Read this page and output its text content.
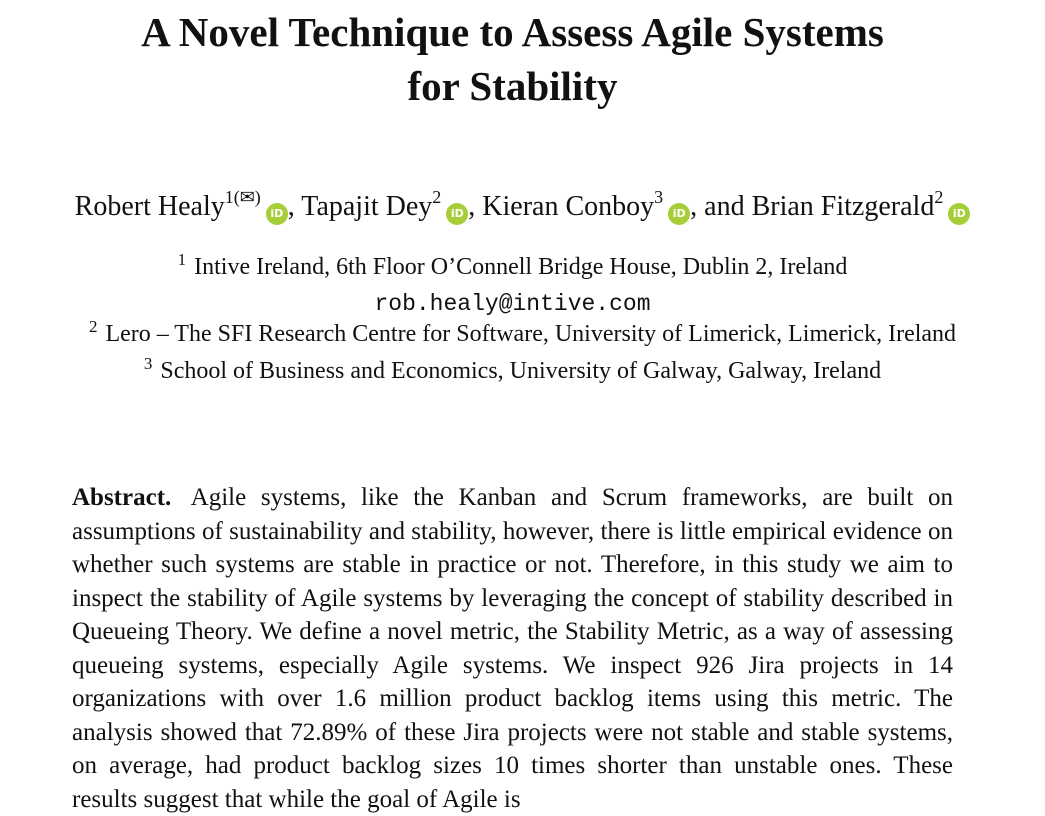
A Novel Technique to Assess Agile Systems
for Stability
Robert Healy$^{1(✉)}$iD , Tapajit Dey$^2$iD , Kieran Conboy$^3$iD , and Brian Fitzgerald$^2$iD
$^1$ Intive Ireland, 6th Floor O’Connell Bridge House, Dublin 2, Ireland
rob.healy@intive.com
$^2$ Lero – The SFI Research Centre for Software, University of Limerick, Limerick, Ireland
$^3$ School of Business and Economics, University of Galway, Galway, Ireland
Abstract. Agile systems, like the Kanban and Scrum frameworks, are built on assumptions of sustainability and stability, however, there is little empirical evidence on whether such systems are stable in practice or not. Therefore, in this study we aim to inspect the stability of Agile systems by leveraging the concept of stability described in Queueing Theory. We define a novel metric, the Stability Metric, as a way of assessing queueing systems, especially Agile systems. We inspect 926 Jira projects in 14 organizations with over 1.6 million product backlog items using this metric. The analysis showed that 72.89% of these Jira projects were not stable and stable systems, on average, had product backlog sizes 10 times shorter than unstable ones. These results suggest that while the goal of Agile is
